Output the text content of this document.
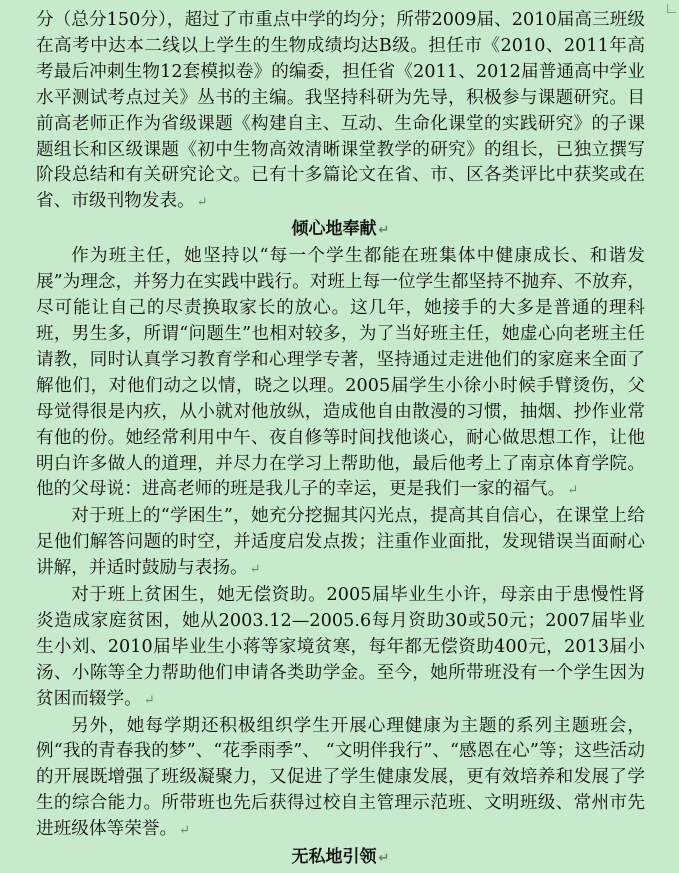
分（总分150分），超过了市重点中学的均分；所带2009届、2010届高三班级在高考中达本二线以上学生的生物成绩均达B级。担任市《2010、2011年高考最后冲刺生物12套模拟卷》的编委，担任省《2011、2012届普通高中学业水平测试考点过关》丛书的主编。我坚持科研为先导，积极参与课题研究。目前高老师正作为省级课题《构建自主、互动、生命化课堂的实践研究》的子课题组长和区级课题《初中生物高效清晰课堂教学的研究》的组长，已独立撰写阶段总结和有关研究论文。已有十多篇论文在省、市、区各类评比中获奖或在省、市级刊物发表。 ↵

倾心地奉献 ↵

作为班主任，她坚持以“每一个学生都能在班集体中健康成长、和谐发展”为理念，并努力在实践中践行。对班上每一位学生都坚持不抛弃、不放弃，尽可能让自己的尽责换取家长的放心。这几年，她接手的大多是普通的理科班，男生多，所谓“问题生”也相对较多，为了当好班主任，她虚心向老班主任请教，同时认真学习教育学和心理学专著，坚持通过走进他们的家庭来全面了解他们，对他们动之以情，晓之以理。2005届学生小徐小时候手臂烫伤，父母觉得很是内疚，从小就对他放纵，造成他自由散漫的习惯，抽烟、抄作业常有他的份。她经常利用中午、夜自修等时间找他谈心，耐心做思想工作，让他明白许多做人的道理，并尽力在学习上帮助他，最后他考上了南京体育学院。他的父母说：进高老师的班是我儿子的幸运，更是我们一家的福气。 ↵

对于班上的“学困生”，她充分挖掘其闪光点，提高其自信心，在课堂上给足他们解答问题的时空，并适度启发点拨；注重作业面批，发现错误当面耐心讲解，并适时鼓励与表扬。 ↵

对于班上贫困生，她无偿资助。2005届毕业生小许，母亲由于患慢性肾炎造成家庭贫困，她从2003.12—2005.6每月资助30或50元；2007届毕业生小刘、2010届毕业生小蒋等家境贫寒，每年都无偿资助400元，2013届小汤、小陈等全力帮助他们申请各类助学金。至今，她所带班没有一个学生因为贫困而辍学。 ↵

另外，她每学期还积极组织学生开展心理健康为主题的系列主题班会，例“我的青春我的梦”、“花季雨季”、 “文明伴我行”、“感恩在心”等；这些活动的开展既增强了班级凝聚力，又促进了学生健康发展，更有效培养和发展了学生的综合能力。所带班也先后获得过校自主管理示范班、文明班级、常州市先进班级体等荣誉。 ↵

无私地引领 ↵
